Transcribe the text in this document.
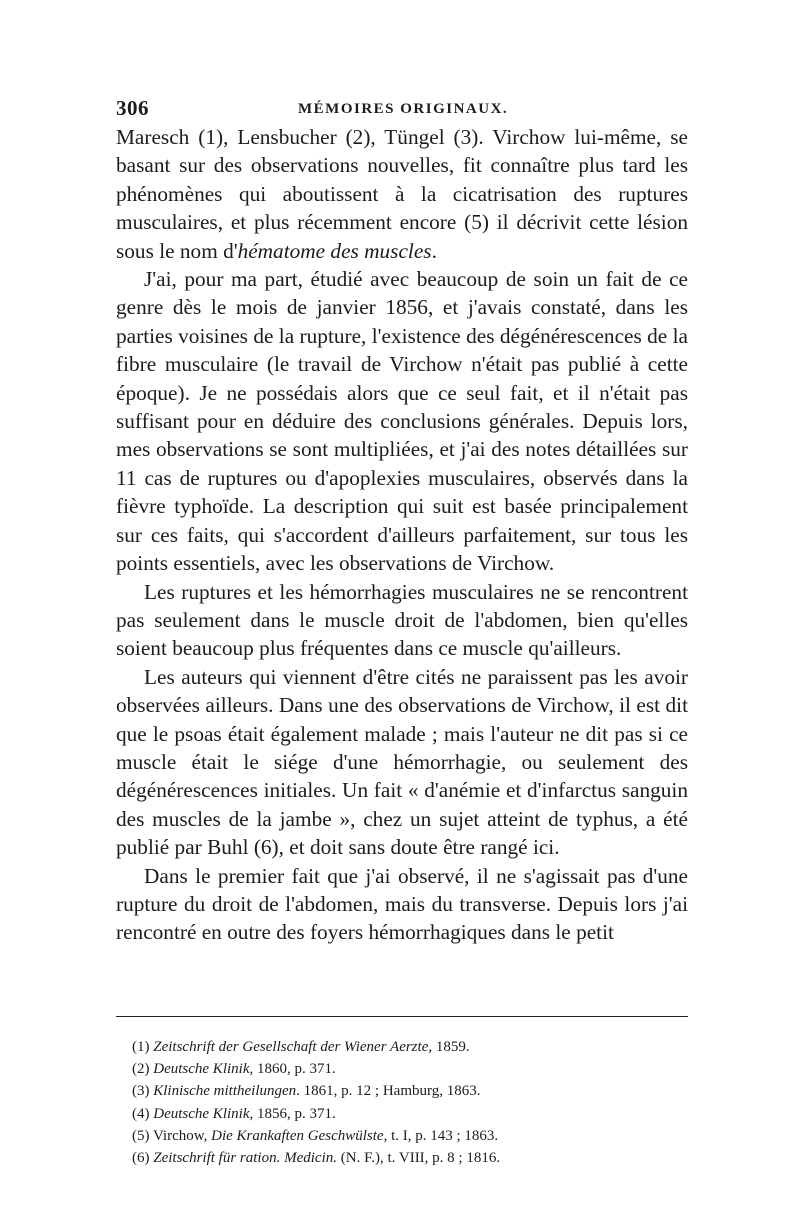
306	MÉMOIRES ORIGINAUX.

Maresch (1), Lensbucher (2), Tüngel (3). Virchow lui-même, se basant sur des observations nouvelles, fit connaître plus tard les phénomènes qui aboutissent à la cicatrisation des ruptures musculaires, et plus récemment encore (5) il décrivit cette lésion sous le nom d'hématome des muscles.

J'ai, pour ma part, étudié avec beaucoup de soin un fait de ce genre dès le mois de janvier 1856, et j'avais constaté, dans les parties voisines de la rupture, l'existence des dégénérescences de la fibre musculaire (le travail de Virchow n'était pas publié à cette époque). Je ne possédais alors que ce seul fait, et il n'était pas suffisant pour en déduire des conclusions générales. Depuis lors, mes observations se sont multipliées, et j'ai des notes détaillées sur 11 cas de ruptures ou d'apoplexies musculaires, observés dans la fièvre typhoïde. La description qui suit est basée principalement sur ces faits, qui s'accordent d'ailleurs parfaitement, sur tous les points essentiels, avec les observations de Virchow.

Les ruptures et les hémorrhagies musculaires ne se rencontrent pas seulement dans le muscle droit de l'abdomen, bien qu'elles soient beaucoup plus fréquentes dans ce muscle qu'ailleurs.

Les auteurs qui viennent d'être cités ne paraissent pas les avoir observées ailleurs. Dans une des observations de Virchow, il est dit que le psoas était également malade ; mais l'auteur ne dit pas si ce muscle était le siége d'une hémorrhagie, ou seulement des dégénérescences initiales. Un fait « d'anémie et d'infarctus sanguin des muscles de la jambe », chez un sujet atteint de typhus, a été publié par Buhl (6), et doit sans doute être rangé ici.

Dans le premier fait que j'ai observé, il ne s'agissait pas d'une rupture du droit de l'abdomen, mais du transverse. Depuis lors j'ai rencontré en outre des foyers hémorrhagiques dans le petit

(1) Zeitschrift der Gesellschaft der Wiener Aerzte, 1859.
(2) Deutsche Klinik, 1860, p. 371.
(3) Klinische mittheilungen. 1861, p. 12 ; Hamburg, 1863.
(4) Deutsche Klinik, 1856, p. 371.
(5) Virchow, Die Krankaften Geschwülste, t. I, p. 143 ; 1863.
(6) Zeitschrift für ration. Medicin. (N. F.), t. VIII, p. 8 ; 1816.
